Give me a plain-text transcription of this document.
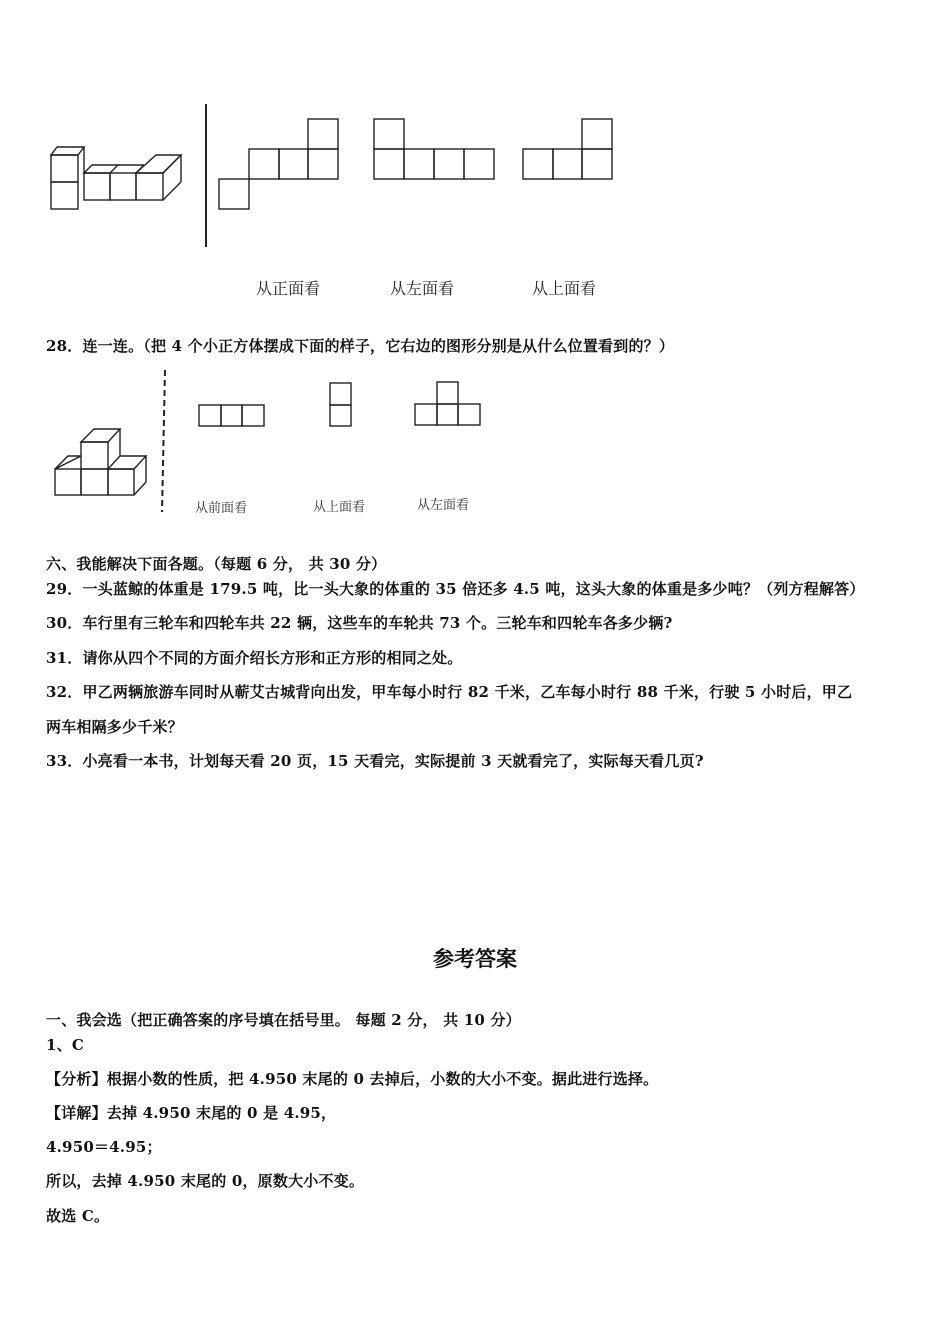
从正面看	从左面看	从上面看
28．连一连。（把 4 个小正方体摆成下面的样子，它右边的图形分别是从什么位置看到的？）
从前面看	从上面看	从左面看
六、我能解决下面各题。（每题 6 分， 共 30 分）
29．一头蓝鲸的体重是 179.5 吨，比一头大象的体重的 35 倍还多 4.5 吨，这头大象的体重是多少吨？（列方程解答）
30．车行里有三轮车和四轮车共 22 辆，这些车的车轮共 73 个。三轮车和四轮车各多少辆?
31．请你从四个不同的方面介绍长方形和正方形的相同之处。
32．甲乙两辆旅游车同时从蕲艾古城背向出发，甲车每小时行 82 千米，乙车每小时行 88 千米，行驶 5 小时后，甲乙
两车相隔多少千米？
33．小亮看一本书，计划每天看 20 页，15 天看完，实际提前 3 天就看完了，实际每天看几页?
参考答案
一、我会选（把正确答案的序号填在括号里。 每题 2 分， 共 10 分）
1、C
【分析】根据小数的性质，把 4.950 末尾的 0 去掉后，小数的大小不变。据此进行选择。
【详解】去掉 4.950 末尾的 0 是 4.95，
4.950＝4.95；
所以，去掉 4.950 末尾的 0，原数大小不变。
故选 C。
